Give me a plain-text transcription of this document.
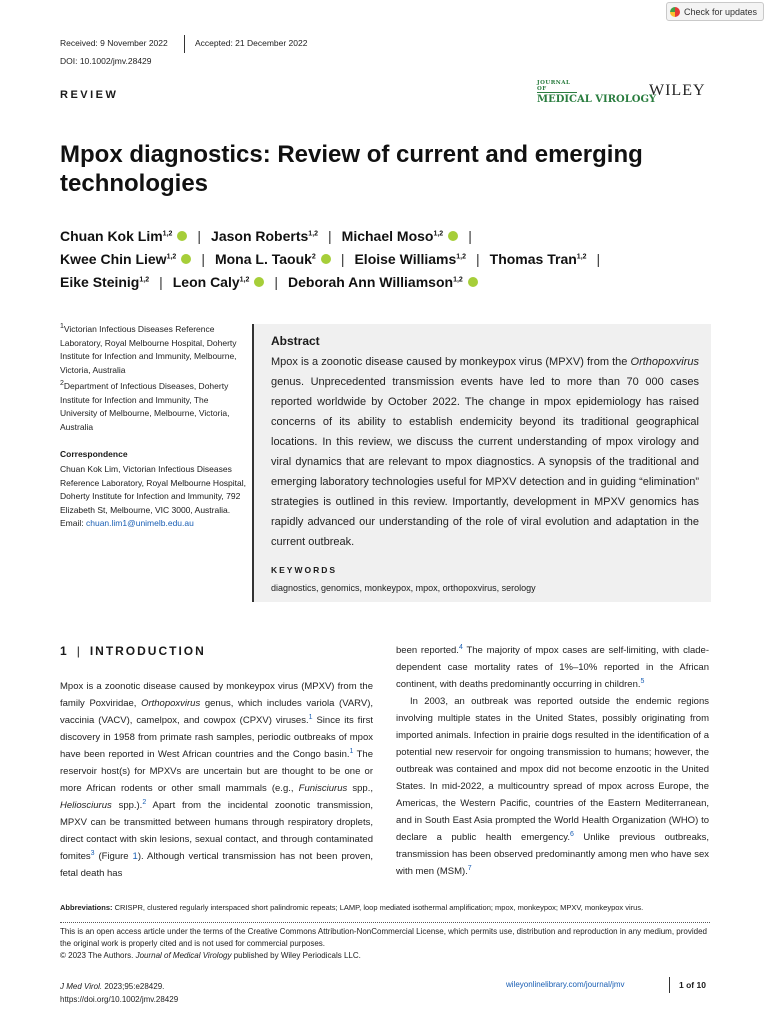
Check for updates
Received: 9 November 2022	Accepted: 21 December 2022
DOI: 10.1002/jmv.28429
REVIEW
JOURNAL OF
MEDICAL VIROLOGY
WILEY
Mpox diagnostics: Review of current and emerging technologies
Chuan Kok Lim$^{1,2}$ | Jason Roberts$^{1,2}$ | Michael Moso$^{1,2}$ |
Kwee Chin Liew$^{1,2}$ | Mona L. Taouk$^2$ | Eloise Williams$^{1,2}$ | Thomas Tran$^{1,2}$ |
Eike Steinig$^{1,2}$ | Leon Caly$^{1,2}$ | Deborah Ann Williamson$^{1,2}$
$^1$Victorian Infectious Diseases Reference Laboratory, Royal Melbourne Hospital, Doherty Institute for Infection and Immunity, Melbourne, Victoria, Australia
$^2$Department of Infectious Diseases, Doherty Institute for Infection and Immunity, The University of Melbourne, Melbourne, Victoria, Australia
Correspondence
Chuan Kok Lim, Victorian Infectious Diseases Reference Laboratory, Royal Melbourne Hospital, Doherty Institute for Infection and Immunity, 792 Elizabeth St, Melbourne, VIC 3000, Australia.
Email: chuan.lim1@unimelb.edu.au
Abstract
Mpox is a zoonotic disease caused by monkeypox virus (MPXV) from the Orthopoxvirus genus. Unprecedented transmission events have led to more than 70 000 cases reported worldwide by October 2022. The change in mpox epidemiology has raised concerns of its ability to establish endemicity beyond its traditional geographical locations. In this review, we discuss the current understanding of mpox virology and viral dynamics that are relevant to mpox diagnostics. A synopsis of the traditional and emerging laboratory technologies useful for MPXV detection and in guiding “elimination” strategies is outlined in this review. Importantly, development in MPXV genomics has rapidly advanced our understanding of the role of viral evolution and adaptation in the current outbreak.
KEYWORDS
diagnostics, genomics, monkeypox, mpox, orthopoxvirus, serology
1 | INTRODUCTION

Mpox is a zoonotic disease caused by monkeypox virus (MPXV) from the family Poxviridae, Orthopoxvirus genus, which includes variola (VARV), vaccinia (VACV), camelpox, and cowpox (CPXV) viruses.$^1$ Since its first discovery in 1958 from primate rash samples, periodic outbreaks of mpox have been reported in West African countries and the Congo basin.$^1$ The reservoir host(s) for MPXVs are uncertain but are thought to be one or more African rodents or other small mammals (e.g., Funisciurus spp., Heliosciurus spp.).$^2$ Apart from the incidental zoonotic transmission, MPXV can be transmitted between humans through respiratory droplets, direct contact with skin lesions, sexual contact, and through contaminated fomites$^3$ (Figure 1). Although vertical transmission has not been proven, fetal death has

been reported.$^4$ The majority of mpox cases are self-limiting, with clade-dependent case mortality rates of 1%–10% reported in the African continent, with deaths predominantly occurring in children.$^5$

In 2003, an outbreak was reported outside the endemic regions involving multiple states in the United States, possibly originating from imported animals. Infection in prairie dogs resulted in the identification of a potential new reservoir for ongoing transmission to humans; however, the outbreak was contained and mpox did not become enzootic in the United States. In mid-2022, a multicountry spread of mpox across Europe, the Americas, the Western Pacific, countries of the Eastern Mediterranean, and in South East Asia prompted the World Health Organization (WHO) to declare a public health emergency.$^6$ Unlike previous outbreaks, transmission has been observed predominantly among men who have sex with men (MSM).$^7$

Abbreviations: CRISPR, clustered regularly interspaced short palindromic repeats; LAMP, loop mediated isothermal amplification; mpox, monkeypox; MPXV, monkeypox virus.
This is an open access article under the terms of the Creative Commons Attribution-NonCommercial License, which permits use, distribution and reproduction in any medium, provided the original work is properly cited and is not used for commercial purposes.
© 2023 The Authors. Journal of Medical Virology published by Wiley Periodicals LLC.
J Med Virol. 2023;95:e28429.
https://doi.org/10.1002/jmv.28429
wileyonlinelibrary.com/journal/jmv	1 of 10
